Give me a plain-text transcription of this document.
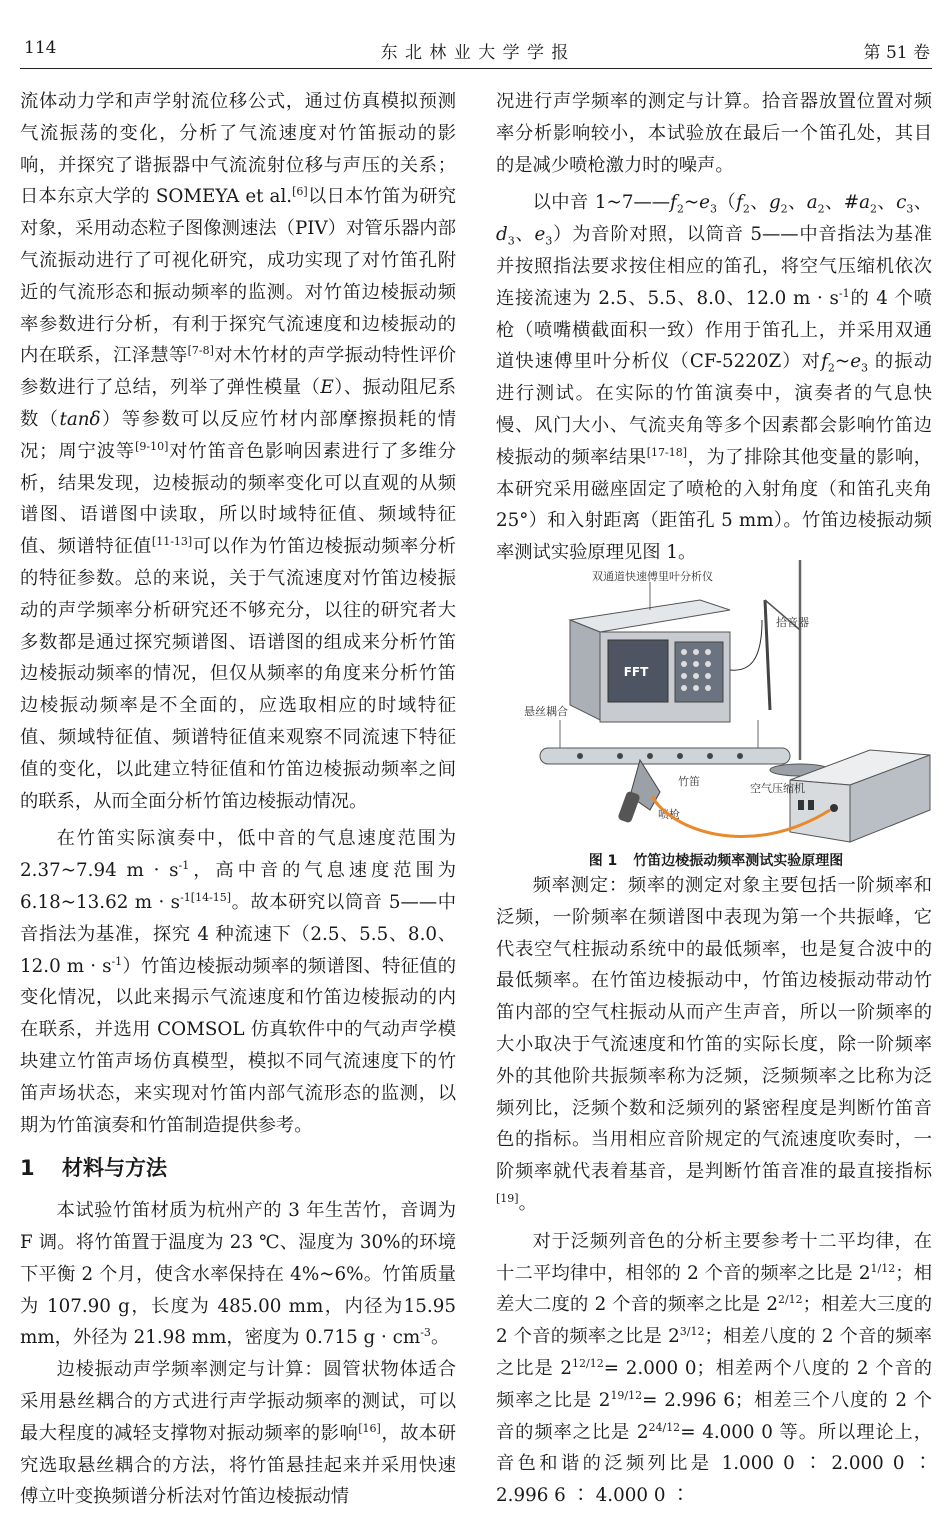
114	东 北 林 业 大 学 学 报	第 51 卷

流体动力学和声学射流位移公式，通过仿真模拟预测气流振荡的变化，分析了气流速度对竹笛振动的影响，并探究了谐振器中气流流射位移与声压的关系；日本东京大学的 SOMEYA et al.[6]以日本竹笛为研究对象，采用动态粒子图像测速法（PIV）对管乐器内部气流振动进行了可视化研究，成功实现了对竹笛孔附近的气流形态和振动频率的监测。对竹笛边棱振动频率参数进行分析，有利于探究气流速度和边棱振动的内在联系，江泽慧等[7-8]对木竹材的声学振动特性评价参数进行了总结，列举了弹性模量（E）、振动阻尼系数（tanδ）等参数可以反应竹材内部摩擦损耗的情况；周宁波等[9-10]对竹笛音色影响因素进行了多维分析，结果发现，边棱振动的频率变化可以直观的从频谱图、语谱图中读取，所以时域特征值、频域特征值、频谱特征值[11-13]可以作为竹笛边棱振动频率分析的特征参数。总的来说，关于气流速度对竹笛边棱振动的声学频率分析研究还不够充分，以往的研究者大多数都是通过探究频谱图、语谱图的组成来分析竹笛边棱振动频率的情况，但仅从频率的角度来分析竹笛边棱振动频率是不全面的，应选取相应的时域特征值、频域特征值、频谱特征值来观察不同流速下特征值的变化，以此建立特征值和竹笛边棱振动频率之间的联系，从而全面分析竹笛边棱振动情况。

在竹笛实际演奏中，低中音的气息速度范围为 2.37~7.94 $m \cdot s^{-1}$，高中音的气息速度范围为 6.18~13.62 $m \cdot s^{-1[14-15]}$。故本研究以筒音 5——中音指法为基准，探究 4 种流速下（2.5、5.5、8.0、12.0 $m \cdot s^{-1}$）竹笛边棱振动频率的频谱图、特征值的变化情况，以此来揭示气流速度和竹笛边棱振动的内在联系，并选用 COMSOL 仿真软件中的气动声学模块建立竹笛声场仿真模型，模拟不同气流速度下的竹笛声场状态，来实现对竹笛内部气流形态的监测，以期为竹笛演奏和竹笛制造提供参考。

1 材料与方法

本试验竹笛材质为杭州产的 3 年生苦竹，音调为 F 调。将竹笛置于温度为 23 ℃、湿度为 30%的环境下平衡 2 个月，使含水率保持在 4%~6%。竹笛质量为 107.90 g，长度为 485.00 mm，内径为15.95 mm，外径为 21.98 mm，密度为 0.715 $g \cdot cm^{-3}$。

边棱振动声学频率测定与计算：圆管状物体适合采用悬丝耦合的方式进行声学振动频率的测试，可以最大程度的减轻支撑物对振动频率的影响[16]，故本研究选取悬丝耦合的方法，将竹笛悬挂起来并采用快速傅立叶变换频谱分析法对竹笛边棱振动情

况进行声学频率的测定与计算。拾音器放置位置对频率分析影响较小，本试验放在最后一个笛孔处，其目的是减少喷枪激力时的噪声。

以中音 $1\sim 7——f_2\sim e_3(f_2$、$g_2$、$a_2$、$\#a_2$、$c_3$、$d_3$、$e_3$）为音阶对照，以筒音 5——中音指法为基准并按照指法要求按住相应的笛孔，将空气压缩机依次连接流速为 2.5、5.5、8.0、12.0 $m \cdot s^{-1}$的 4 个喷枪（喷嘴横截面积一致）作用于笛孔上，并采用双通道快速傅里叶分析仪（CF-5220Z）对$f_2\sim e_3$ 的振动进行测试。在实际的竹笛演奏中，演奏者的气息快慢、风门大小、气流夹角等多个因素都会影响竹笛边棱振动的频率结果[17-18]，为了排除其他变量的影响，本研究采用磁座固定了喷枪的入射角度（和笛孔夹角 25°）和入射距离（距笛孔 5 mm）。竹笛边棱振动频率测试实验原理见图 1。

FFT
双通道快速傅里叶分析仪
拾音器
悬丝耦合
竹笛
喷枪
空气压缩机
图 1 竹笛边棱振动频率测试实验原理图

频率测定：频率的测定对象主要包括一阶频率和泛频，一阶频率在频谱图中表现为第一个共振峰，它代表空气柱振动系统中的最低频率，也是复合波中的最低频率。在竹笛边棱振动中，竹笛边棱振动带动竹笛内部的空气柱振动从而产生声音，所以一阶频率的大小取决于气流速度和竹笛的实际长度，除一阶频率外的其他阶共振频率称为泛频，泛频频率之比称为泛频列比，泛频个数和泛频列的紧密程度是判断竹笛音色的指标。当用相应音阶规定的气流速度吹奏时，一阶频率就代表着基音，是判断竹笛音准的最直接指标[19]。

对于泛频列音色的分析主要参考十二平均律，在十二平均律中，相邻的 2 个音的频率之比是 $2^{1/12}$；相差大二度的 2 个音的频率之比是 $2^{2/12}$；相差大三度的 2 个音的频率之比是 $2^{3/12}$；相差八度的 2 个音的频率之比是 $2^{12/12}= 2.000$ 0；相差两个八度的 2 个音的频率之比是 $2^{19/12}= 2.996$ 6；相差三个八度的 2 个音的频率之比是 $2^{24/12}= 4.000$ 0 等。所以理论上，音色和谐的泛频列比是 1.000 0 ∶ 2.000 0 ∶ 2.996 6 ∶ 4.000 0 ∶
